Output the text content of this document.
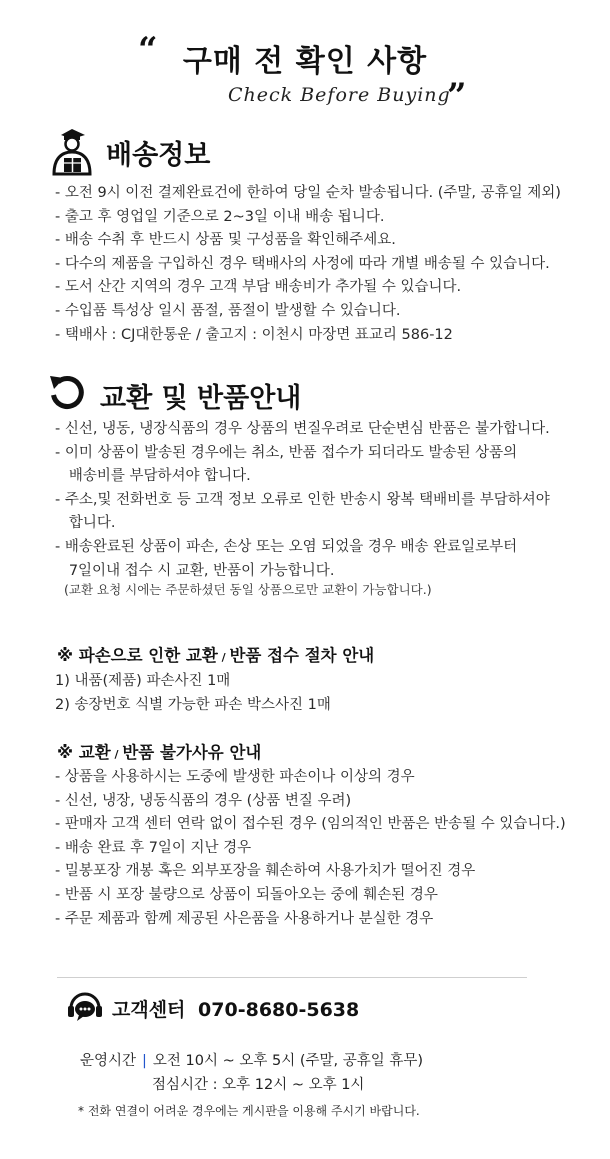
“ 구매 전 확인 사항
Check Before Buying
”
배송정보
- 오전 9시 이전 결제완료건에 한하여 당일 순차 발송됩니다. (주말, 공휴일 제외)
- 출고 후 영업일 기준으로 2~3일 이내 배송 됩니다.
- 배송 수취 후 반드시 상품 및 구성품을 확인해주세요.
- 다수의 제품을 구입하신 경우 택배사의 사정에 따라 개별 배송될 수 있습니다.
- 도서 산간 지역의 경우 고객 부담 배송비가 추가될 수 있습니다.
- 수입품 특성상 일시 품절, 품절이 발생할 수 있습니다.
- 택배사 : CJ대한통운 / 출고지 : 이천시 마장면 표교리 586-12
교환 및 반품안내
- 신선, 냉동, 냉장식품의 경우 상품의 변질우려로 단순변심 반품은 불가합니다.
- 이미 상품이 발송된 경우에는 취소, 반품 접수가 되더라도 발송된 상품의
배송비를 부담하셔야 합니다.
- 주소,및 전화번호 등 고객 정보 오류로 인한 반송시 왕복 택배비를 부담하셔야
합니다.
- 배송완료된 상품이 파손, 손상 또는 오염 되었을 경우 배송 완료일로부터
7일이내 접수 시 교환, 반품이 가능합니다.
(교환 요청 시에는 주문하셨던 동일 상품으로만 교환이 가능합니다.)
※ 파손으로 인한 교환 / 반품 접수 절차 안내
1) 내품(제품) 파손사진 1매
2) 송장번호 식별 가능한 파손 박스사진 1매
※ 교환 / 반품 불가사유 안내
- 상품을 사용하시는 도중에 발생한 파손이나 이상의 경우
- 신선, 냉장, 냉동식품의 경우 (상품 변질 우려)
- 판매자 고객 센터 연락 없이 접수된 경우 (임의적인 반품은 반송될 수 있습니다.)
- 배송 완료 후 7일이 지난 경우
- 밀봉포장 개봉 혹은 외부포장을 훼손하여 사용가치가 떨어진 경우
- 반품 시 포장 불량으로 상품이 되돌아오는 중에 훼손된 경우
- 주문 제품과 함께 제공된 사은품을 사용하거나 분실한 경우
고객센터 070-8680-5638
운영시간 | 오전 10시 ~ 오후 5시 (주말, 공휴일 휴무)
점심시간 : 오후 12시 ~ 오후 1시
* 전화 연결이 어려운 경우에는 게시판을 이용해 주시기 바랍니다.
